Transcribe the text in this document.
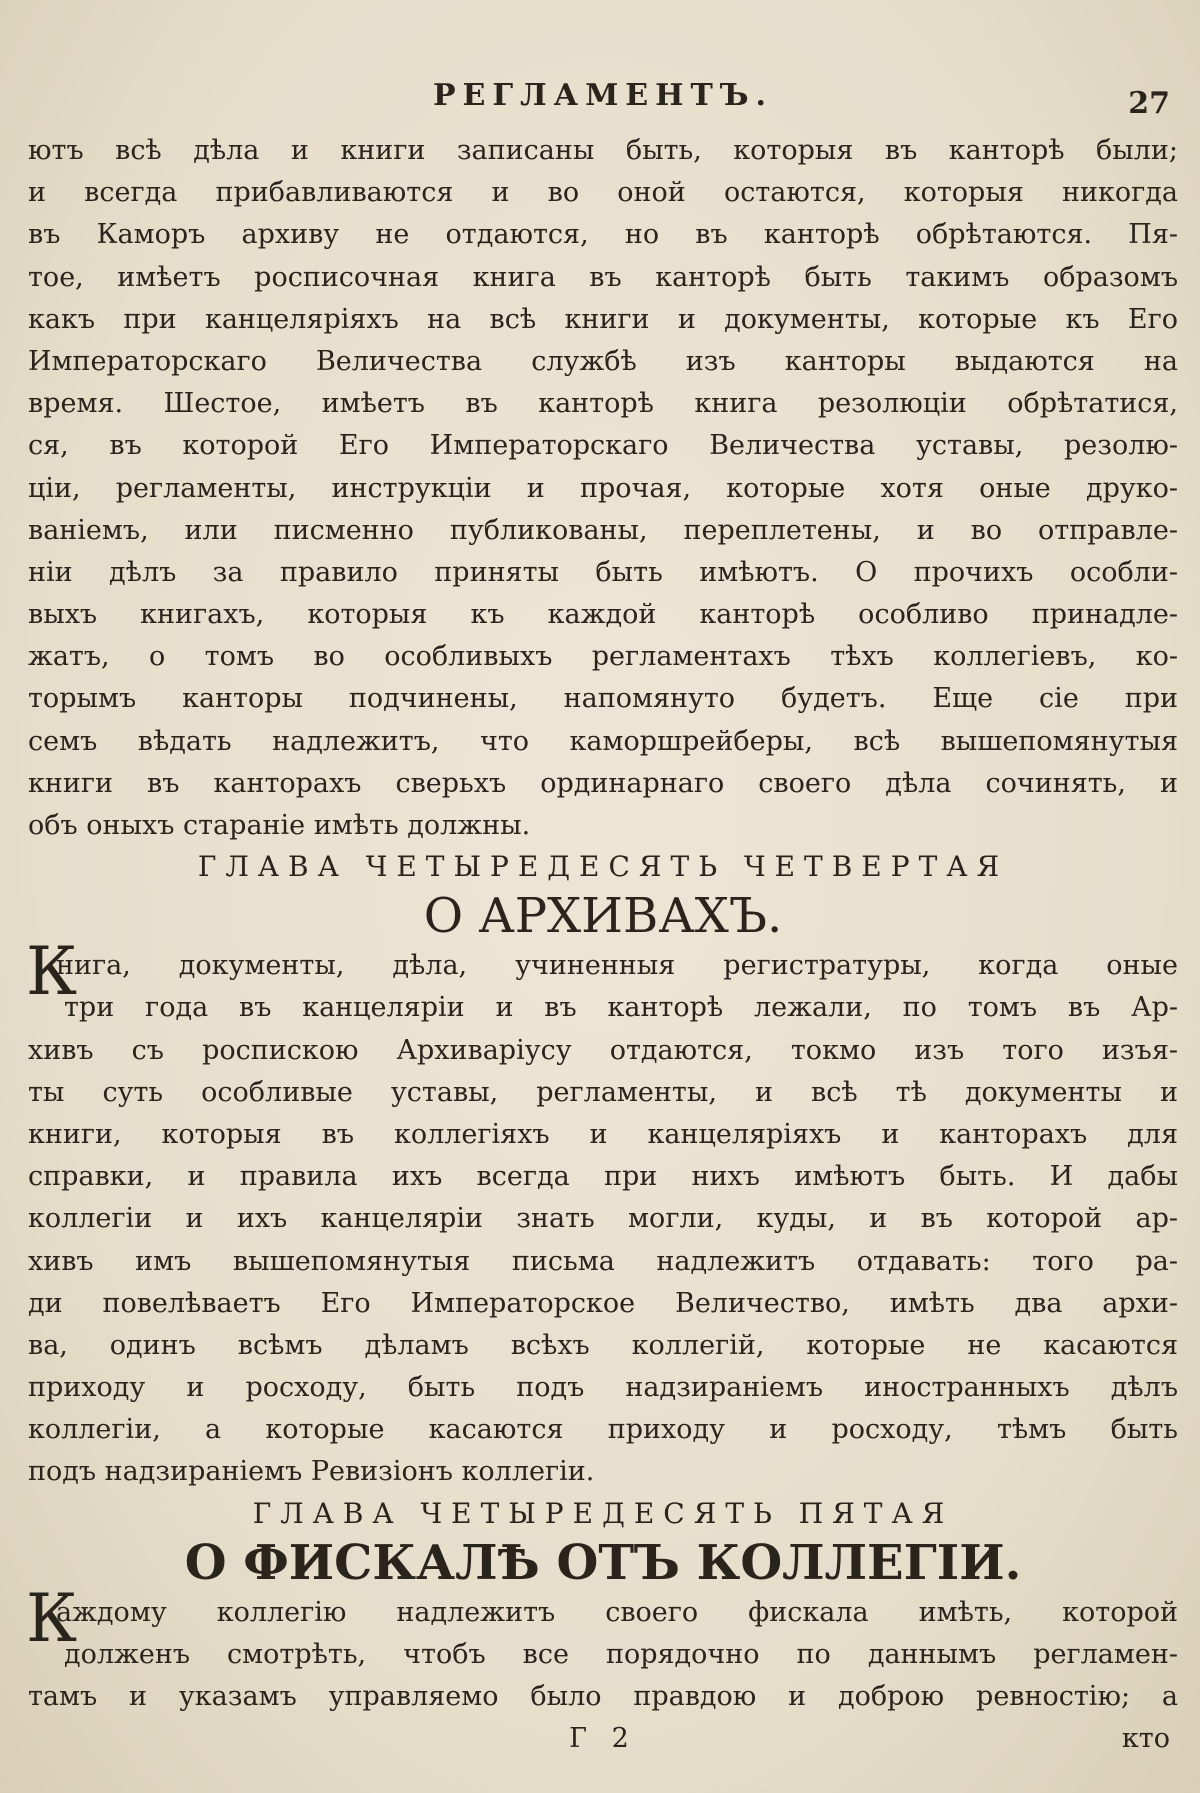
РЕГЛАМЕНТЪ.	27
ютъ всѣ дѣла и книги записаны быть, которыя въ канторѣ были;
и всегда прибавливаются и во оной остаются, которыя никогда
въ Каморъ архиву не отдаются, но въ канторѣ обрѣтаются. Пя-
тое, имѣетъ росписочная книга въ канторѣ быть такимъ образомъ
какъ при канцеляріяхъ на всѣ книги и документы, которые къ Его
Императорскаго Величества службѣ изъ канторы выдаются на
время. Шестое, имѣетъ въ канторѣ книга резолюціи обрѣтатися,
ся, въ которой Его Императорскаго Величества уставы, резолю-
ціи, регламенты, инструкціи и прочая, которые хотя оные друко-
ваніемъ, или писменно публикованы, переплетены, и во отправле-
ніи дѣлъ за правило приняты быть имѣютъ. О прочихъ особли-
выхъ книгахъ, которыя къ каждой канторѣ особливо принадле-
жатъ, о томъ во особливыхъ регламентахъ тѣхъ коллегіевъ, ко-
торымъ канторы подчинены, напомянуто будетъ. Еще сіе при
семъ вѣдать надлежитъ, что каморшрейберы, всѣ вышепомянутыя
книги въ канторахъ сверьхъ ординарнаго своего дѣла сочинять, и
объ оныхъ стараніе имѣть должны.
ГЛАВА ЧЕТЫРЕДЕСЯТЬ ЧЕТВЕРТАЯ
О АРХИВАХЪ.
К
нига, документы, дѣла, учиненныя регистратуры, когда оные
три года въ канцеляріи и въ канторѣ лежали, по томъ въ Ар-
хивъ съ роспискою Архиваріусу отдаются, токмо изъ того изъя-
ты суть особливые уставы, регламенты, и всѣ тѣ документы и
книги, которыя въ коллегіяхъ и канцеляріяхъ и канторахъ для
справки, и правила ихъ всегда при нихъ имѣютъ быть. И дабы
коллегіи и ихъ канцеляріи знать могли, куды, и въ которой ар-
хивъ имъ вышепомянутыя письма надлежитъ отдавать: того ра-
ди повелѣваетъ Его Императорское Величество, имѣть два архи-
ва, одинъ всѣмъ дѣламъ всѣхъ коллегій, которые не касаются
приходу и росходу, быть подъ надзираніемъ иностранныхъ дѣлъ
коллегіи, а которые касаются приходу и росходу, тѣмъ быть
подъ надзираніемъ Ревизіонъ коллегіи.
ГЛАВА ЧЕТЫРЕДЕСЯТЬ ПЯТАЯ
О ФИСКАЛѢ ОТЪ КОЛЛЕГІИ.
К
аждому коллегію надлежитъ своего фискала имѣть, которой
долженъ смотрѣть, чтобъ все порядочно по даннымъ регламен-
тамъ и указамъ управляемо было правдою и доброю ревностію; а
Г 2	кто
